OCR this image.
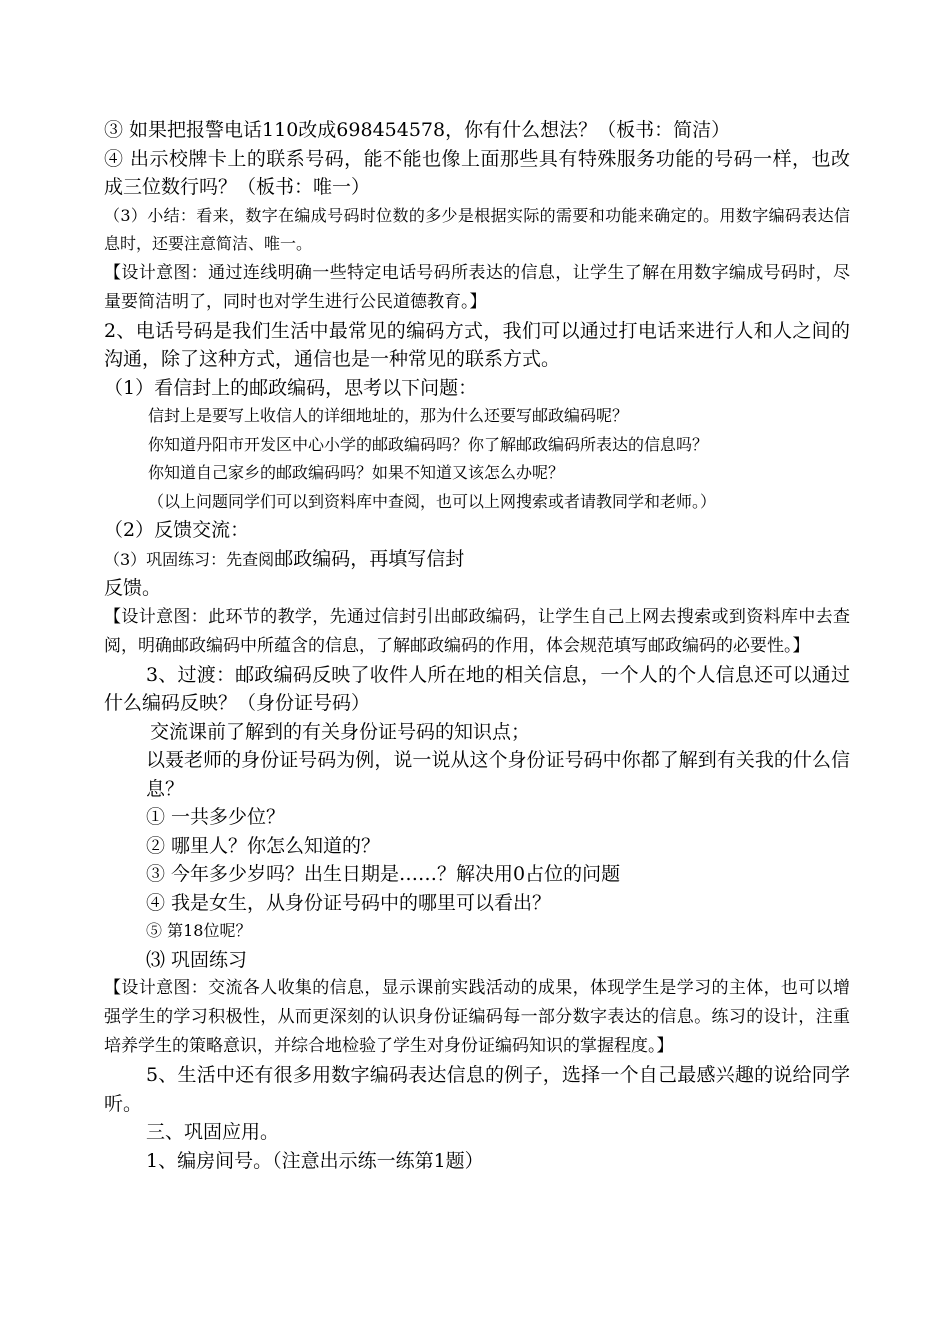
③ 如果把报警电话110改成698454578，你有什么想法？（板书：简洁）

④ 出示校牌卡上的联系号码，能不能也像上面那些具有特殊服务功能的号码一样，也改成三位数行吗？（板书：唯一）

（3）小结：看来，数字在编成号码时位数的多少是根据实际的需要和功能来确定的。用数字编码表达信息时，还要注意简洁、唯一。

【设计意图：通过连线明确一些特定电话号码所表达的信息，让学生了解在用数字编成号码时，尽量要简洁明了，同时也对学生进行公民道德教育。】

2、电话号码是我们生活中最常见的编码方式，我们可以通过打电话来进行人和人之间的沟通，除了这种方式，通信也是一种常见的联系方式。

（1）看信封上的邮政编码，思考以下问题：

信封上是要写上收信人的详细地址的，那为什么还要写邮政编码呢？

你知道丹阳市开发区中心小学的邮政编码吗？你了解邮政编码所表达的信息吗？

你知道自己家乡的邮政编码吗？如果不知道又该怎么办呢？

（以上问题同学们可以到资料库中查阅，也可以上网搜索或者请教同学和老师。）

（2）反馈交流：

（3）巩固练习：先查阅邮政编码，再填写信封

反馈。

【设计意图：此环节的教学，先通过信封引出邮政编码，让学生自己上网去搜索或到资料库中去查阅，明确邮政编码中所蕴含的信息，了解邮政编码的作用，体会规范填写邮政编码的必要性。】

3、过渡：邮政编码反映了收件人所在地的相关信息，一个人的个人信息还可以通过什么编码反映？（身份证号码）

交流课前了解到的有关身份证号码的知识点；

以聂老师的身份证号码为例，说一说从这个身份证号码中你都了解到有关我的什么信息？

① 一共多少位？

② 哪里人？你怎么知道的？

③ 今年多少岁吗？出生日期是……？解决用0占位的问题

④ 我是女生，从身份证号码中的哪里可以看出？

⑤ 第18位呢？

⑶ 巩固练习

【设计意图：交流各人收集的信息，显示课前实践活动的成果，体现学生是学习的主体，也可以增强学生的学习积极性，从而更深刻的认识身份证编码每一部分数字表达的信息。练习的设计，注重培养学生的策略意识，并综合地检验了学生对身份证编码知识的掌握程度。】

5、生活中还有很多用数字编码表达信息的例子，选择一个自己最感兴趣的说给同学听。

三、巩固应用。

1、编房间号。（注意出示练一练第1题）
